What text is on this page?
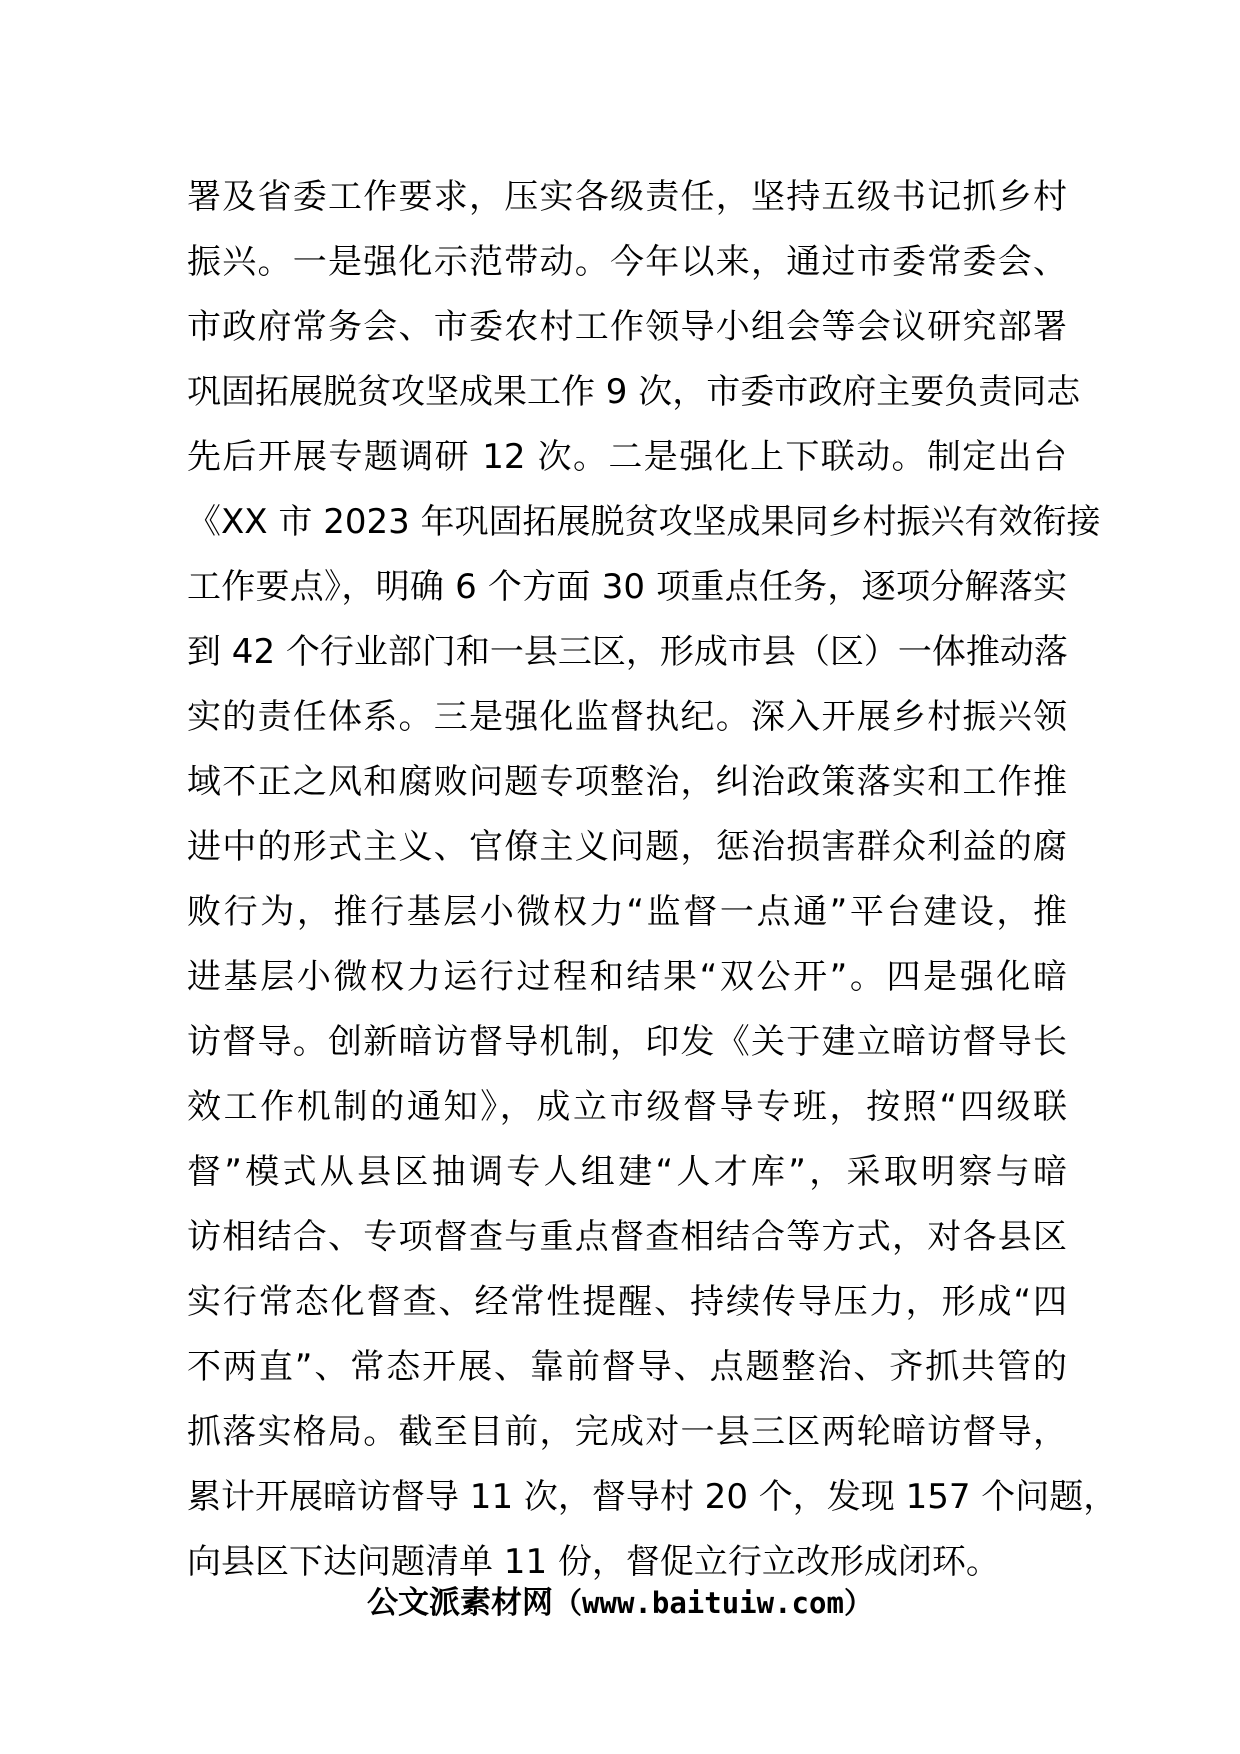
署及省委工作要求，压实各级责任，坚持五级书记抓乡村
振兴。一是强化示范带动。今年以来，通过市委常委会、
市政府常务会、市委农村工作领导小组会等会议研究部署
巩固拓展脱贫攻坚成果工作 9 次，市委市政府主要负责同志
先后开展专题调研 12 次。二是强化上下联动。制定出台
《XX 市 2023 年巩固拓展脱贫攻坚成果同乡村振兴有效衔接
工作要点》，明确 6 个方面 30 项重点任务，逐项分解落实
到 42 个行业部门和一县三区，形成市县（区）一体推动落
实的责任体系。三是强化监督执纪。深入开展乡村振兴领
域不正之风和腐败问题专项整治，纠治政策落实和工作推
进中的形式主义、官僚主义问题，惩治损害群众利益的腐
败行为，推行基层小微权力“监督一点通”平台建设，推
进基层小微权力运行过程和结果“双公开”。四是强化暗
访督导。创新暗访督导机制，印发《关于建立暗访督导长
效工作机制的通知》，成立市级督导专班，按照“四级联
督”模式从县区抽调专人组建“人才库”，采取明察与暗
访相结合、专项督查与重点督查相结合等方式，对各县区
实行常态化督查、经常性提醒、持续传导压力，形成“四
不两直”、常态开展、靠前督导、点题整治、齐抓共管的
抓落实格局。截至目前，完成对一县三区两轮暗访督导，
累计开展暗访督导 11 次，督导村 20 个，发现 157 个问题，
向县区下达问题清单 11 份，督促立行立改形成闭环。
公文派素材网（www.baituiw.com）
